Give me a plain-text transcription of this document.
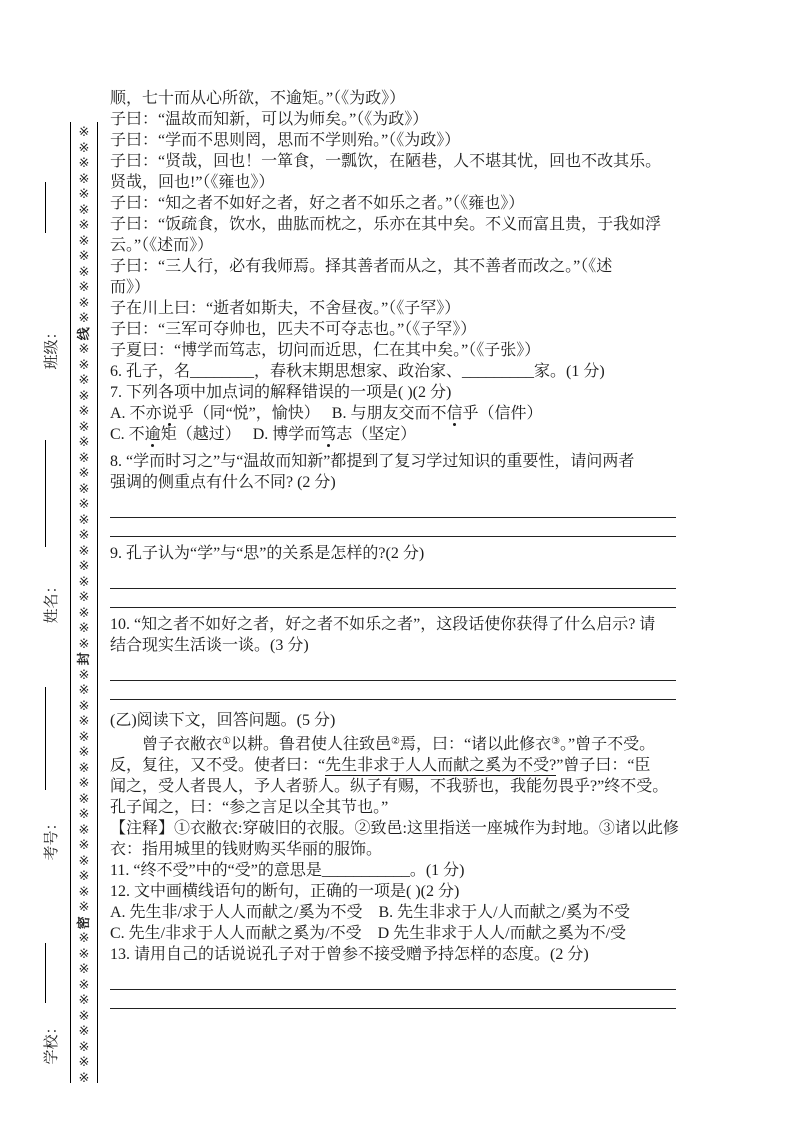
※
※
※
※
※
※
※
※
※
※
※
※
※
线
※
※
※
※
※
※
※
※
※
※
※
※
※
※
※
※
※
※
※
※
封
※
※
※
※
※
※
※
※
※
※
※
※
※
※
※
※
密
※
※
※
※
※
※
※
※
※
※
班级：
姓名：
考号：
学校：
顺，七十而从心所欲，不逾矩。”（《为政》）
子曰：“温故而知新，可以为师矣。”（《为政》）
子曰：“学而不思则罔，思而不学则殆。”（《为政》）
子曰：“贤哉，回也！一箪食，一瓢饮，在陋巷，人不堪其忧，回也不改其乐。
贤哉，回也!”（《雍也》）
子曰：“知之者不如好之者，好之者不如乐之者。”（《雍也》）
子曰：“饭疏食，饮水，曲肱而枕之，乐亦在其中矣。不义而富且贵，于我如浮
云。”（《述而》）
子曰：“三人行，必有我师焉。择其善者而从之，其不善者而改之。”（《述
而》）
子在川上曰：“逝者如斯夫，不舍昼夜。”（《子罕》）
子曰：“三军可夺帅也，匹夫不可夺志也。”（《子罕》）
子夏曰：“博学而笃志，切问而近思，仁在其中矣。”（《子张》）
6. 孔子，名________，春秋末期思想家、政治家、_________家。(1 分)
7. 下列各项中加点词的解释错误的一项是( )(2 分)
A. 不亦说乎（同“悦”，愉快）　 B. 与朋友交而不信乎（信件）
C. 不逾矩（越过）　 D. 博学而笃志（坚定）
8. “学而时习之”与“温故而知新”都提到了复习学过知识的重要性，请问两者
强调的侧重点有什么不同? (2 分)
9. 孔子认为“学”与“思”的关系是怎样的?(2 分)
10. “知之者不如好之者，好之者不如乐之者”，这段话使你获得了什么启示? 请
结合现实生活谈一谈。(3 分)
(乙)阅读下文，回答问题。(5 分)
曾子衣敝衣①以耕。鲁君使人往致邑②焉，曰：“诸以此修衣③。”曾子不受。
反，复往，又不受。使者曰：“先生非求于人人而献之奚为不受?”曾子曰：“臣
闻之，受人者畏人，予人者骄人。纵子有赐，不我骄也，我能勿畏乎?”终不受。
孔子闻之，曰：“参之言足以全其节也。”
【注释】①衣敝衣:穿破旧的衣服。②致邑:这里指送一座城作为封地。③诸以此修
衣：指用城里的钱财购买华丽的服饰。
11. “终不受”中的“受”的意思是___________。(1 分)
12. 文中画横线语句的断句，正确的一项是( )(2 分)
A. 先生非/求于人人而献之/奚为不受　B. 先生非求于人/人而献之/奚为不受
C. 先生/非求于人人而献之奚为/不受　D 先生非求于人人/而献之奚为不/受
13. 请用自己的话说说孔子对于曾参不接受赠予持怎样的态度。(2 分)
